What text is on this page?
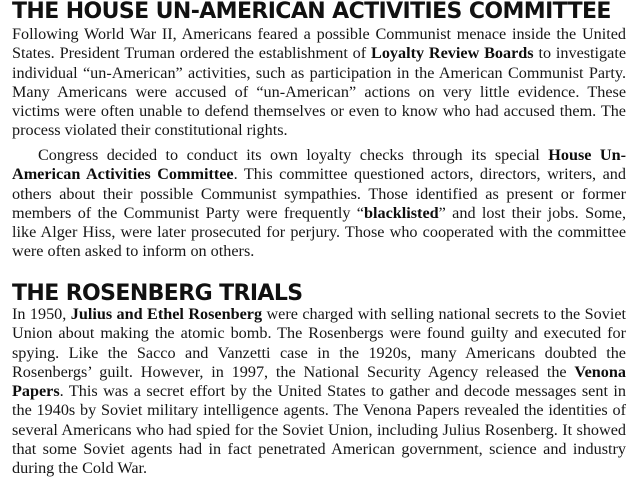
THE HOUSE UN-AMERICAN ACTIVITIES COMMITTEE

Following World War II, Americans feared a possible Communist menace inside the United States. President Truman ordered the establishment of Loyalty Review Boards to investigate individual “un-American” activities, such as participation in the American Communist Party. Many Americans were accused of “un-American” actions on very little evidence. These victims were often unable to defend themselves or even to know who had accused them. The process violated their constitutional rights.

Congress decided to conduct its own loyalty checks through its special House Un-American Activities Committee. This committee questioned actors, directors, writers, and others about their possible Communist sympathies. Those identified as present or former members of the Communist Party were frequently “blacklisted” and lost their jobs. Some, like Alger Hiss, were later prosecuted for perjury. Those who cooperated with the committee were often asked to inform on others.

THE ROSENBERG TRIALS

In 1950, Julius and Ethel Rosenberg were charged with selling national secrets to the Soviet Union about making the atomic bomb. The Rosenbergs were found guilty and executed for spying. Like the Sacco and Vanzetti case in the 1920s, many Americans doubted the Rosenbergs’ guilt. However, in 1997, the National Security Agency released the Venona Papers. This was a secret effort by the United States to gather and decode messages sent in the 1940s by Soviet military intelligence agents. The Venona Papers revealed the identities of several Americans who had spied for the Soviet Union, including Julius Rosenberg. It showed that some Soviet agents had in fact penetrated American government, science and industry during the Cold War.
